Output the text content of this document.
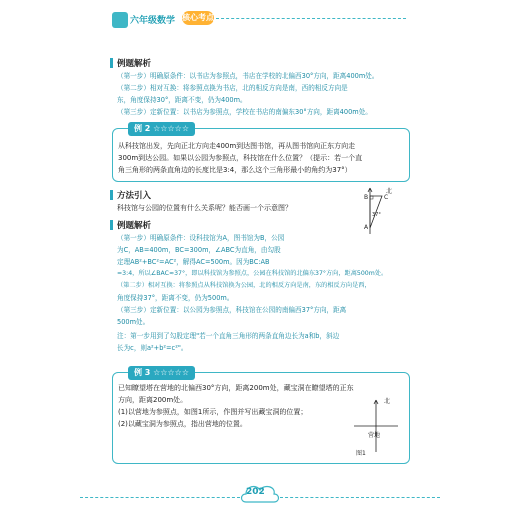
六年级数学 核心考点
例题解析
（第一步）明确原条件：以书店为参照点，书店在学校的北偏西30°方向，距离400m处。
（第二步）相对互换：将参照点换为书店，北的相反方向是南，西的相反方向是
东，角度保持30°，距离不变，仍为400m。
（第三步）定新位置：以书店为参照点，学校在书店的南偏东30°方向，距离400m处。
例 2 ☆☆☆☆☆
从科技馆出发，先向正北方向走400m到达图书馆，再从图书馆向正东方向走
300m到达公园。如果以公园为参照点，科技馆在什么位置？（提示：若一个直
角三角形的两条直角边的长度比是3:4，那么这个三角形最小的角约为37°）
方法引入
科技馆与公园的位置有什么关系呢？能否画一个示意图？
例题解析
（第一步）明确原条件：设科技馆为A，图书馆为B，公园
为C，AB=400m，BC=300m，∠ABC为直角，由勾股
定理AB²+BC²=AC²，解得AC=500m。因为BC:AB
=3:4，所以∠BAC≈37°，即以科技馆为参照点，公园在科技馆的北偏东37°方向，距离500m处。
（第二步）相对互换：将参照点从科技馆换为公园，北的相反方向是南，东的相反方向是西，
角度保持37°，距离不变，仍为500m。
（第三步）定新位置：以公园为参照点，科技馆在公园的南偏西37°方向，距离
500m处。
注：第一步用到了勾股定理"若一个直角三角形的两条直角边长为a和b，斜边
长为c，则a²+b²=c²"。
北
B	C
A
37°
例 3 ☆☆☆☆☆
已知瞭望塔在营地的北偏西30°方向，距离200m处，藏宝洞在瞭望塔的正东
方向，距离200m处。
(1)以营地为参照点，如图1所示，作图并写出藏宝洞的位置；
(2)以藏宝洞为参照点，指出营地的位置。
北
营地
图1
202
